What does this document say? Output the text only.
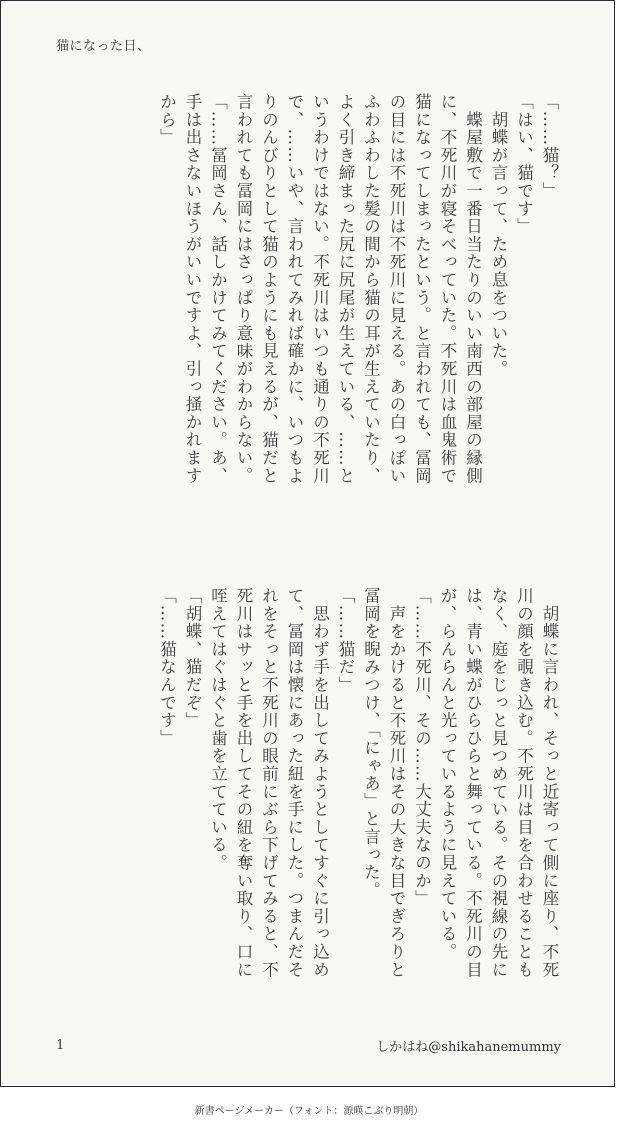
猫になった日、
「……猫？」
「はい、猫です」
　胡蝶が言って、ため息をついた。
　蝶屋敷で一番日当たりのいい南西の部屋の縁側
に、不死川が寝そべっていた。不死川は血鬼術で
猫になってしまったという。と言われても、冨岡
の目には不死川は不死川に見える。あの白っぽい
ふわふわした髪の間から猫の耳が生えていたり、
よく引き締まった尻に尻尾が生えている、……と
いうわけではない。不死川はいつも通りの不死川
で、……いや、言われてみれば確かに、いつもよ
りのんびりとして猫のようにも見えるが、猫だと
言われても冨岡にはさっぱり意味がわからない。
「……冨岡さん、話しかけてみてください。あ、
手は出さないほうがいいですよ、引っ掻かれます
から」
　胡蝶に言われ、そっと近寄って側に座り、不死
川の顔を覗き込む。不死川は目を合わせることも
なく、庭をじっと見つめている。その視線の先に
は、青い蝶がひらひらと舞っている。不死川の目
が、らんらんと光っているように見えている。
「……不死川、その……大丈夫なのか」
　声をかけると不死川はその大きな目でぎろりと
冨岡を睨みつけ、「にゃあ」と言った。
「……猫だ」
　思わず手を出してみようとしてすぐに引っ込め
て、冨岡は懐にあった紐を手にした。つまんだそ
れをそっと不死川の眼前にぶら下げてみると、不
死川はサッと手を出してその紐を奪い取り、口に
咥えてはぐはぐと歯を立てている。
「胡蝶、猫だぞ」
「……猫なんです」
1	しかはね@shikahanemummy
新書ページメーカー（フォント：源暎こぶり明朝）
